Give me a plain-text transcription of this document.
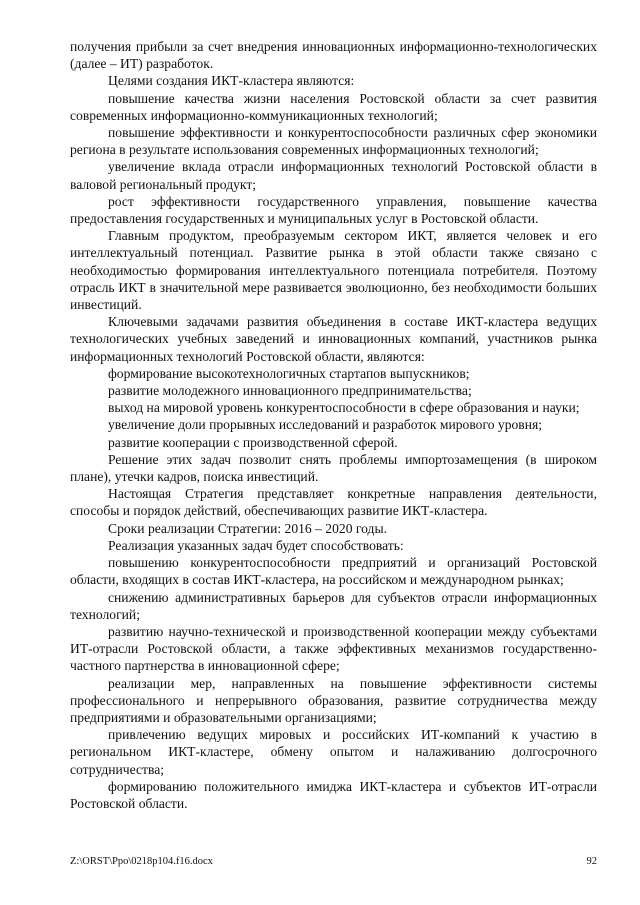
получения прибыли за счет внедрения инновационных информационно-технологических (далее – ИТ) разработок.

Целями создания ИКТ-кластера являются:

повышение качества жизни населения Ростовской области за счет развития современных информационно-коммуникационных технологий;

повышение эффективности и конкурентоспособности различных сфер экономики региона в результате использования современных информационных технологий;

увеличение вклада отрасли информационных технологий Ростовской области в валовой региональный продукт;

рост эффективности государственного управления, повышение качества предоставления государственных и муниципальных услуг в Ростовской области.

Главным продуктом, преобразуемым сектором ИКТ, является человек и его интеллектуальный потенциал. Развитие рынка в этой области также связано с необходимостью формирования интеллектуального потенциала потребителя. Поэтому отрасль ИКТ в значительной мере развивается эволюционно, без необходимости больших инвестиций.

Ключевыми задачами развития объединения в составе ИКТ-кластера ведущих технологических учебных заведений и инновационных компаний, участников рынка информационных технологий Ростовской области, являются:

формирование высокотехнологичных стартапов выпускников;

развитие молодежного инновационного предпринимательства;

выход на мировой уровень конкурентоспособности в сфере образования и науки;

увеличение доли прорывных исследований и разработок мирового уровня;

развитие кооперации с производственной сферой.

Решение этих задач позволит снять проблемы импортозамещения (в широком плане), утечки кадров, поиска инвестиций.

Настоящая Стратегия представляет конкретные направления деятельности, способы и порядок действий, обеспечивающих развитие ИКТ-кластера.

Сроки реализации Стратегии: 2016 – 2020 годы.

Реализация указанных задач будет способствовать:

повышению конкурентоспособности предприятий и организаций Ростовской области, входящих в состав ИКТ-кластера, на российском и международном рынках;

снижению административных барьеров для субъектов отрасли информационных технологий;

развитию научно-технической и производственной кооперации между субъектами ИТ-отрасли Ростовской области, а также эффективных механизмов государственно-частного партнерства в инновационной сфере;

реализации мер, направленных на повышение эффективности системы профессионального и непрерывного образования, развитие сотрудничества между предприятиями и образовательными организациями;

привлечению ведущих мировых и российских ИТ-компаний к участию в региональном ИКТ-кластере, обмену опытом и налаживанию долгосрочного сотрудничества;

формированию положительного имиджа ИКТ-кластера и субъектов ИТ-отрасли Ростовской области.

Z:\ORST\Ppo\0218p104.f16.docx	92
